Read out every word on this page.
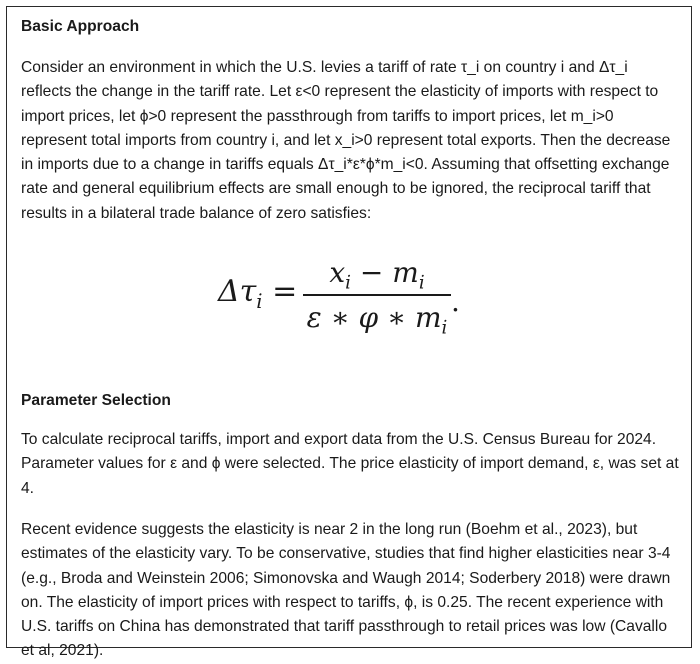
Basic Approach

Consider an environment in which the U.S. levies a tariff of rate τ_i on country i and Δτ_i reflects the change in the tariff rate. Let ε<0 represent the elasticity of imports with respect to import prices, let ϕ>0 represent the passthrough from tariffs to import prices, let m_i>0 represent total imports from country i, and let x_i>0 represent total exports. Then the decrease in imports due to a change in tariffs equals Δτ_i*ε*ϕ*m_i<0. Assuming that offsetting exchange rate and general equilibrium effects are small enough to be ignored, the reciprocal tariff that results in a bilateral trade balance of zero satisfies:

$\Delta\tau_i$ =
$x_i - m_i$
ε ∗ φ ∗ $m_i$
.
Parameter Selection

To calculate reciprocal tariffs, import and export data from the U.S. Census Bureau for 2024. Parameter values for ε and ϕ were selected. The price elasticity of import demand, ε, was set at 4.

Recent evidence suggests the elasticity is near 2 in the long run (Boehm et al., 2023), but estimates of the elasticity vary. To be conservative, studies that find higher elasticities near 3-4 (e.g., Broda and Weinstein 2006; Simonovska and Waugh 2014; Soderbery 2018) were drawn on. The elasticity of import prices with respect to tariffs, ϕ, is 0.25. The recent experience with U.S. tariffs on China has demonstrated that tariff passthrough to retail prices was low (Cavallo et al, 2021).
